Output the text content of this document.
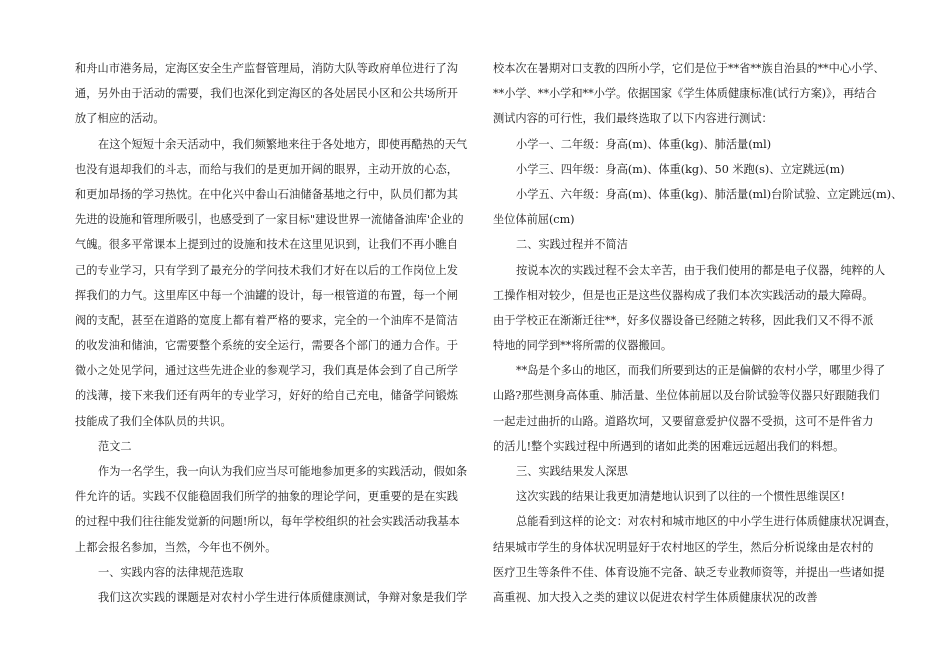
和舟山市港务局，定海区安全生产监督管理局，消防大队等政府单位进行了沟
通，另外由于活动的需要，我们也深化到定海区的各处居民小区和公共场所开
放了相应的活动。
在这个短短十余天活动中，我们频繁地来往于各处地方，即使再酷热的天气
也没有退却我们的斗志，而给与我们的是更加开阔的眼界，主动开放的心态，
和更加昂扬的学习热忱。在中化兴中畚山石油储备基地之行中，队员们都为其
先进的设施和管理所吸引，也感受到了一家目标"建设世界一流储备油库'企业的
气魄。很多平常课本上提到过的设施和技术在这里见识到，让我们不再小瞧自
己的专业学习，只有学到了最充分的学问技术我们才好在以后的工作岗位上发
挥我们的力气。这里库区中每一个油罐的设计，每一根管道的布置，每一个闸
阀的支配，甚至在道路的宽度上都有着严格的要求，完全的一个油库不是简洁
的收发油和储油，它需要整个系统的安全运行，需要各个部门的通力合作。于
微小之处见学问，通过这些先进企业的参观学习，我们真是体会到了自己所学
的浅薄，接下来我们还有两年的专业学习，好好的给自己充电，储备学问锻炼
技能成了我们全体队员的共识。
范文二
作为一名学生，我一向认为我们应当尽可能地参加更多的实践活动，假如条
件允许的话。实践不仅能稳固我们所学的抽象的理论学问，更重要的是在实践
的过程中我们往往能发觉新的问题!所以，每年学校组织的社会实践活动我基本
上都会报名参加，当然，今年也不例外。
一、实践内容的法律规范选取
我们这次实践的课题是对农村小学生进行体质健康测试，争辩对象是我们学
校本次在暑期对口支教的四所小学，它们是位于**省**族自治县的**中心小学、
**小学、**小学和**小学。依据国家《学生体质健康标准(试行方案)》，再结合
测试内容的可行性，我们最终选取了以下内容进行测试：
小学一、二年级：身高(m)、体重(kg)、肺活量(ml)
小学三、四年级：身高(m)、体重(kg)、50 米跑(s)、立定跳远(m)
小学五、六年级：身高(m)、体重(kg)、肺活量(ml)台阶试验、立定跳远(m)、
坐位体前屈(cm)
二、实践过程并不简洁
按说本次的实践过程不会太辛苦，由于我们使用的都是电子仪器，纯粹的人
工操作相对较少，但是也正是这些仪器构成了我们本次实践活动的最大障碍。
由于学校正在渐渐迁往**，好多仪器设备已经随之转移，因此我们又不得不派
特地的同学到**将所需的仪器搬回。
**岛是个多山的地区，而我们所要到达的正是偏僻的农村小学，哪里少得了
山路?那些测身高体重、肺活量、坐位体前屈以及台阶试验等仪器只好跟随我们
一起走过曲折的山路。道路坎坷，又要留意爱护仪器不受损，这可不是件省力
的活儿!整个实践过程中所遇到的诸如此类的困难远远超出我们的料想。
三、实践结果发人深思
这次实践的结果让我更加清楚地认识到了以往的一个惯性思维误区!
总能看到这样的论文：对农村和城市地区的中小学生进行体质健康状况调查，
结果城市学生的身体状况明显好于农村地区的学生，然后分析说缘由是农村的
医疗卫生等条件不佳、体育设施不完备、缺乏专业教师资等，并提出一些诸如提
高重视、加大投入之类的建议以促进农村学生体质健康状况的改善
